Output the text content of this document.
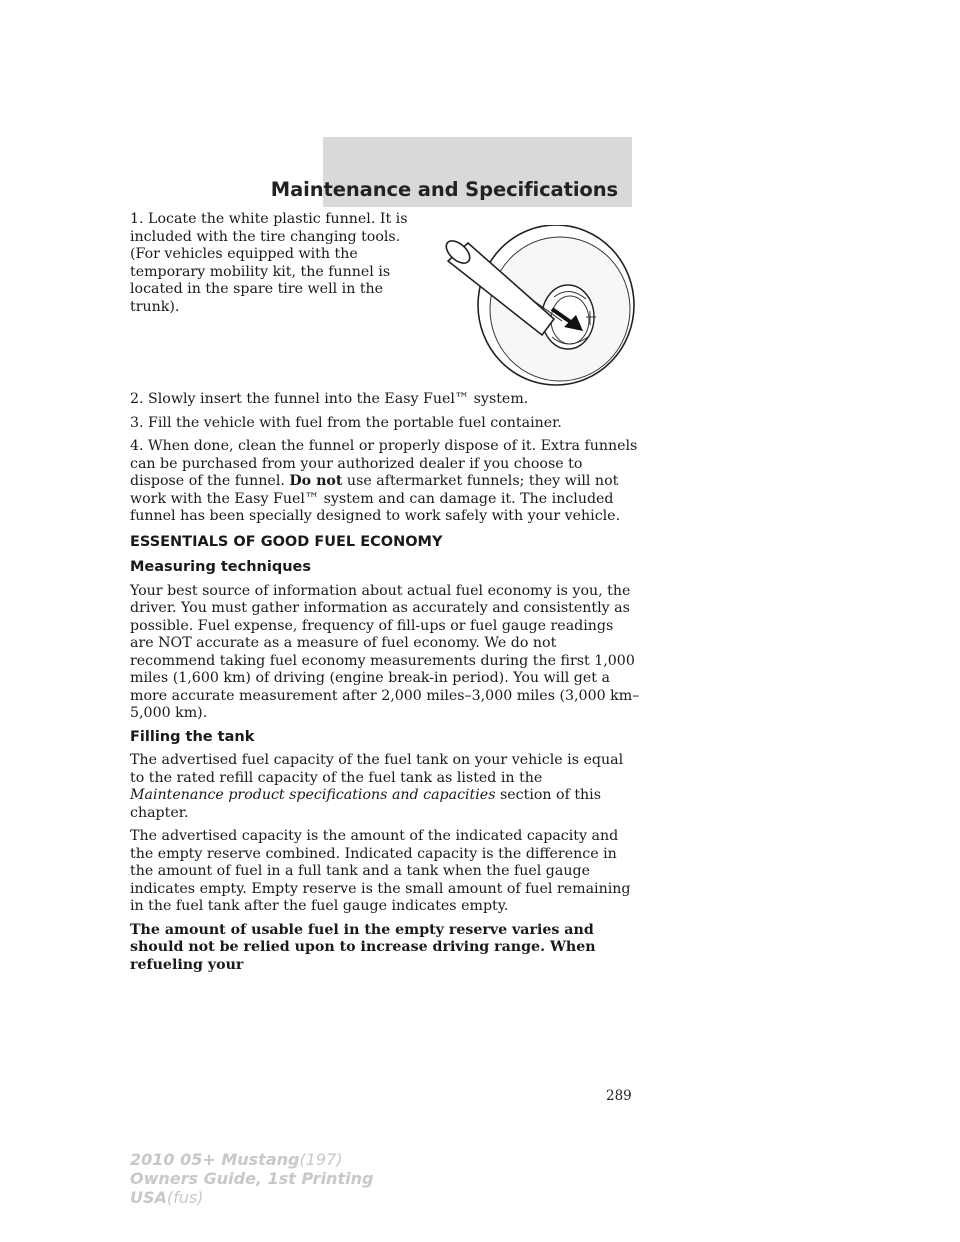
Maintenance and Specifications

1. Locate the white plastic funnel. It is included with the tire changing tools. (For vehicles equipped with the temporary mobility kit, the funnel is located in the spare tire well in the trunk).

2. Slowly insert the funnel into the Easy Fuel™ system.

3. Fill the vehicle with fuel from the portable fuel container.

4. When done, clean the funnel or properly dispose of it. Extra funnels can be purchased from your authorized dealer if you choose to dispose of the funnel. Do not use aftermarket funnels; they will not work with the Easy Fuel™ system and can damage it. The included funnel has been specially designed to work safely with your vehicle.

ESSENTIALS OF GOOD FUEL ECONOMY
Measuring techniques

Your best source of information about actual fuel economy is you, the driver. You must gather information as accurately and consistently as possible. Fuel expense, frequency of fill-ups or fuel gauge readings are NOT accurate as a measure of fuel economy. We do not recommend taking fuel economy measurements during the first 1,000 miles (1,600 km) of driving (engine break-in period). You will get a more accurate measurement after 2,000 miles–3,000 miles (3,000 km–5,000 km).

Filling the tank

The advertised fuel capacity of the fuel tank on your vehicle is equal to the rated refill capacity of the fuel tank as listed in the Maintenance product specifications and capacities section of this chapter.

The advertised capacity is the amount of the indicated capacity and the empty reserve combined. Indicated capacity is the difference in the amount of fuel in a full tank and a tank when the fuel gauge indicates empty. Empty reserve is the small amount of fuel remaining in the fuel tank after the fuel gauge indicates empty.

The amount of usable fuel in the empty reserve varies and should not be relied upon to increase driving range. When refueling your

289
2010 05+ Mustang(197)
Owners Guide, 1st Printing
USA(fus)
